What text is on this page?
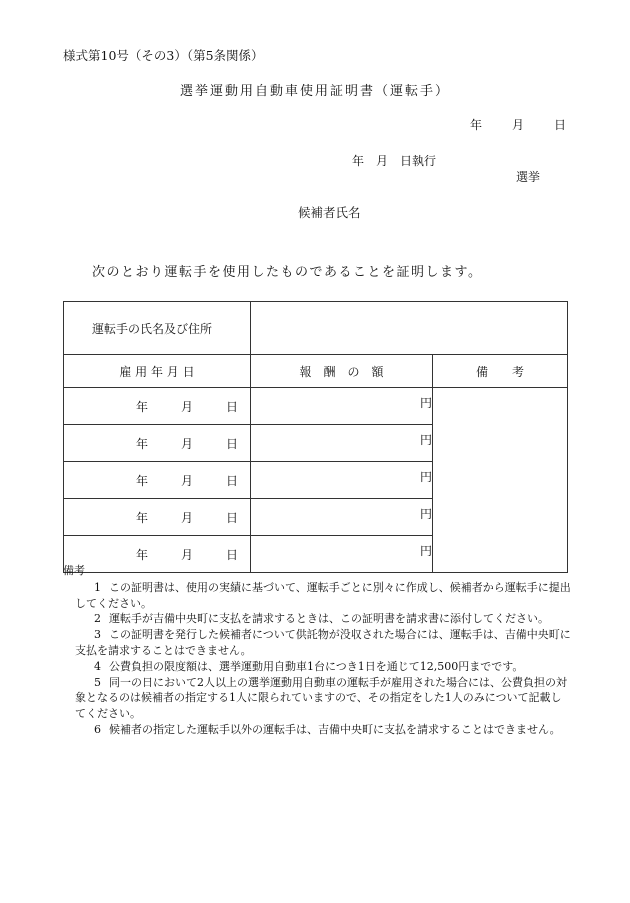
様式第10号（その3）（第5条関係）
選挙運動用自動車使用証明書（運転手）
年 月 日
年　月　日執行
選挙
候補者氏名
次のとおり運転手を使用したものであることを証明します。
運転手の氏名及び住所		
雇 用 年 月 日	報　酬　の　額	備　　考

年 月 日	円	

年 月 日	円	

年 月 日	円	

年 月 日	円	

年 月 日	円	
備考
1 この証明書は、使用の実績に基づいて、運転手ごとに別々に作成し、候補者から運転手に提出してください。
2 運転手が吉備中央町に支払を請求するときは、この証明書を請求書に添付してください。
3 この証明書を発行した候補者について供託物が没収された場合には、運転手は、吉備中央町に支払を請求することはできません。
4 公費負担の限度額は、選挙運動用自動車1台につき1日を通じて12,500円までです。
5 同一の日において2人以上の選挙運動用自動車の運転手が雇用された場合には、公費負担の対象となるのは候補者の指定する1人に限られていますので、その指定をした1人のみについて記載してください。
6 候補者の指定した運転手以外の運転手は、吉備中央町に支払を請求することはできません。
